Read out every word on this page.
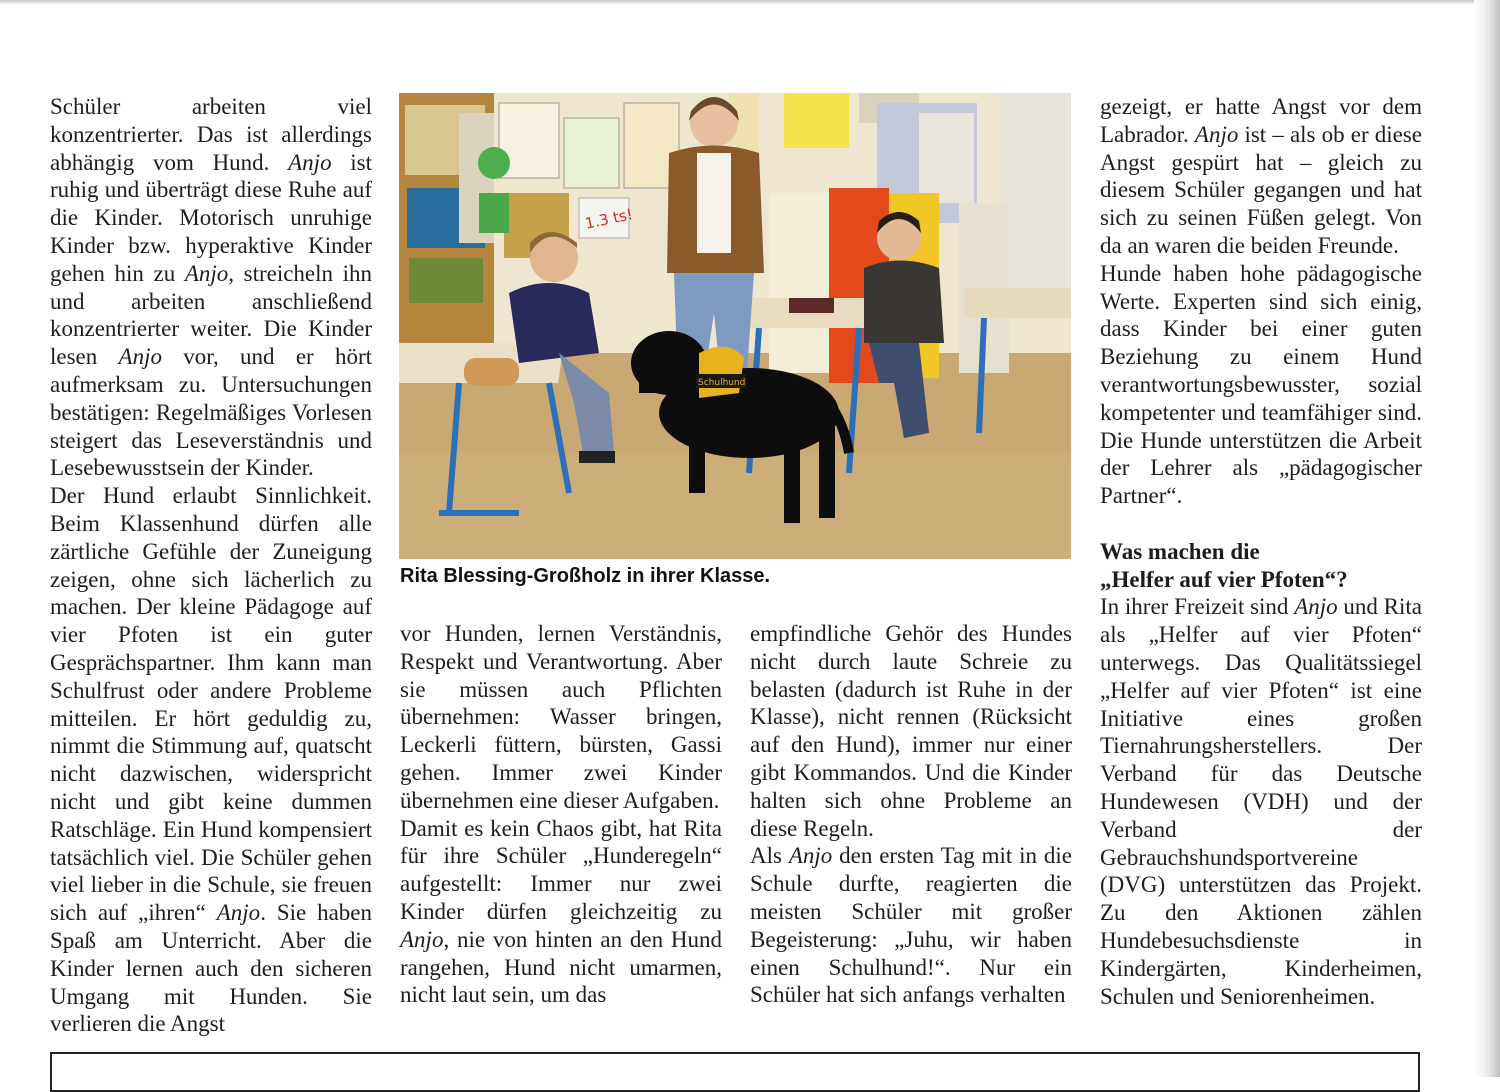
Schüler arbeiten viel konzentrierter. Das ist allerdings abhängig vom Hund. Anjo ist ruhig und überträgt diese Ruhe auf die Kinder. Motorisch unruhige Kinder bzw. hyperaktive Kinder gehen hin zu Anjo, streicheln ihn und arbeiten anschließend konzentrierter weiter. Die Kinder lesen Anjo vor, und er hört aufmerksam zu. Untersuchungen bestätigen: Regelmäßiges Vorlesen steigert das Leseverständnis und Lesebewusstsein der Kinder.

Der Hund erlaubt Sinnlichkeit. Beim Klassenhund dürfen alle zärtliche Gefühle der Zuneigung zeigen, ohne sich lächerlich zu machen. Der kleine Pädagoge auf vier Pfoten ist ein guter Gesprächspartner. Ihm kann man Schulfrust oder andere Probleme mitteilen. Er hört geduldig zu, nimmt die Stimmung auf, quatscht nicht dazwischen, widerspricht nicht und gibt keine dummen Ratschläge. Ein Hund kompensiert tatsächlich viel. Die Schüler gehen viel lieber in die Schule, sie freuen sich auf „ihren“ Anjo. Sie haben Spaß am Unterricht. Aber die Kinder lernen auch den sicheren Umgang mit Hunden. Sie verlieren die Angst

1.3 ts!
Schulhund
Rita Blessing-Großholz in ihrer Klasse.

vor Hunden, lernen Verständnis, Respekt und Verantwortung. Aber sie müssen auch Pflichten übernehmen: Wasser bringen, Leckerli füttern, bürsten, Gassi gehen. Immer zwei Kinder übernehmen eine dieser Aufgaben.

Damit es kein Chaos gibt, hat Rita für ihre Schüler „Hunderegeln“ aufgestellt: Immer nur zwei Kinder dürfen gleichzeitig zu Anjo, nie von hinten an den Hund rangehen, Hund nicht umarmen, nicht laut sein, um das

empfindliche Gehör des Hundes nicht durch laute Schreie zu belasten (dadurch ist Ruhe in der Klasse), nicht rennen (Rücksicht auf den Hund), immer nur einer gibt Kommandos. Und die Kinder halten sich ohne Probleme an diese Regeln.

Als Anjo den ersten Tag mit in die Schule durfte, reagierten die meisten Schüler mit großer Begeisterung: „Juhu, wir haben einen Schulhund!“. Nur ein Schüler hat sich anfangs verhalten

gezeigt, er hatte Angst vor dem Labrador. Anjo ist – als ob er diese Angst gespürt hat – gleich zu diesem Schüler gegangen und hat sich zu seinen Füßen gelegt. Von da an waren die beiden Freunde.

Hunde haben hohe pädagogische Werte. Experten sind sich einig, dass Kinder bei einer guten Beziehung zu einem Hund verantwortungsbewusster, sozial kompetenter und teamfähiger sind. Die Hunde unterstützen die Arbeit der Lehrer als „pädagogischer Partner“.

Was machen die
„Helfer auf vier Pfoten“?

In ihrer Freizeit sind Anjo und Rita als „Helfer auf vier Pfoten“ unterwegs. Das Qualitätssiegel „Helfer auf vier Pfoten“ ist eine Initiative eines großen Tiernahrungsherstellers. Der Verband für das Deutsche Hundewesen (VDH) und der Verband der Gebrauchshundsportvereine (DVG) unterstützen das Projekt. Zu den Aktionen zählen Hundebesuchsdienste in Kindergärten, Kinderheimen, Schulen und Seniorenheimen.
